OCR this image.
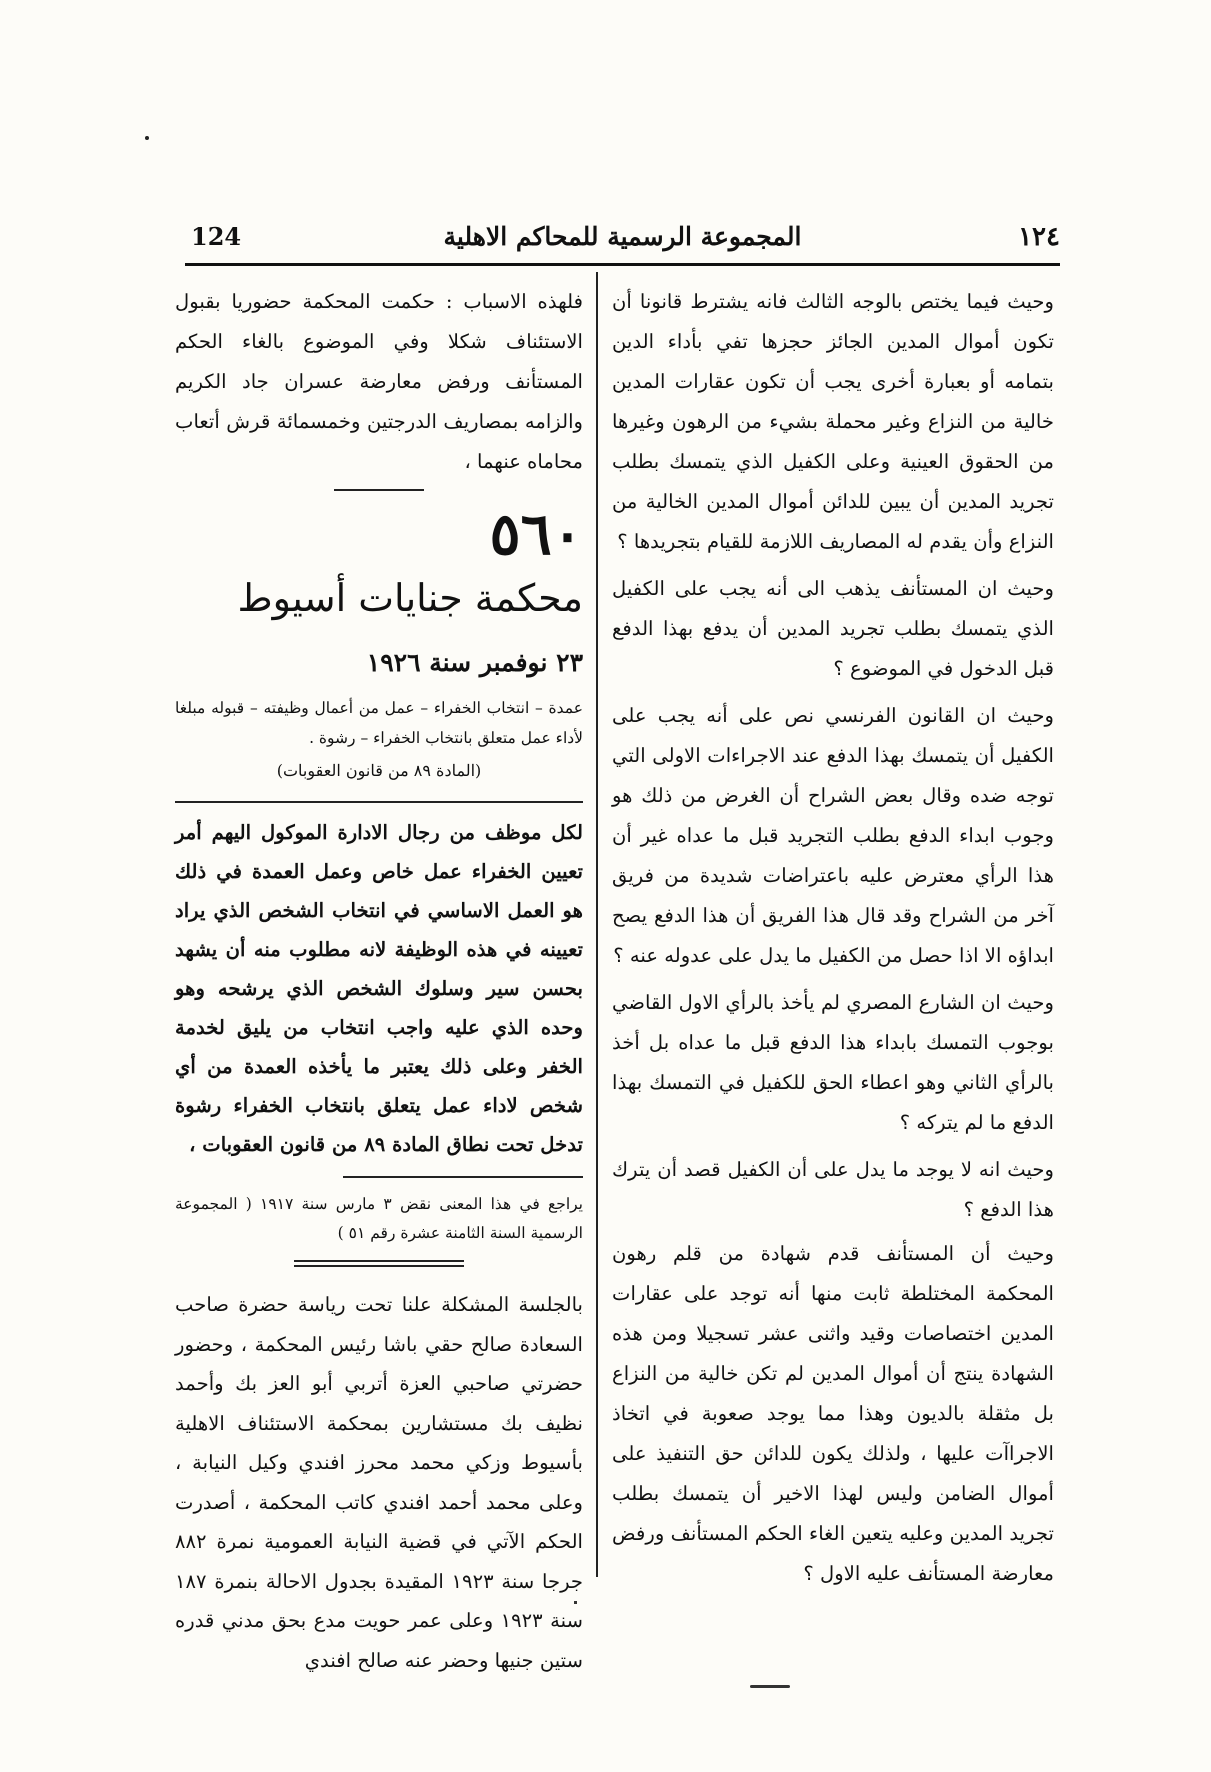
١٢٤
المجموعة الرسمية للمحاكم الاهلية
124

وحيث فيما يختص بالوجه الثالث فانه يشترط قانونا أن تكون أموال المدين الجائز حجزها تفي بأداء الدين بتمامه أو بعبارة أخرى يجب أن تكون عقارات المدين خالية من النزاع وغير محملة بشيء من الرهون وغيرها من الحقوق العينية وعلى الكفيل الذي يتمسك بطلب تجريد المدين أن يبين للدائن أموال المدين الخالية من النزاع وأن يقدم له المصاريف اللازمة للقيام بتجريدها ؟

وحيث ان المستأنف يذهب الى أنه يجب على الكفيل الذي يتمسك بطلب تجريد المدين أن يدفع بهذا الدفع قبل الدخول في الموضوع ؟

وحيث ان القانون الفرنسي نص على أنه يجب على الكفيل أن يتمسك بهذا الدفع عند الاجراءات الاولى التي توجه ضده وقال بعض الشراح أن الغرض من ذلك هو وجوب ابداء الدفع بطلب التجريد قبل ما عداه غير أن هذا الرأي معترض عليه باعتراضات شديدة من فريق آخر من الشراح وقد قال هذا الفريق أن هذا الدفع يصح ابداؤه الا اذا حصل من الكفيل ما يدل على عدوله عنه ؟

وحيث ان الشارع المصري لم يأخذ بالرأي الاول القاضي بوجوب التمسك بابداء هذا الدفع قبل ما عداه بل أخذ بالرأي الثاني وهو اعطاء الحق للكفيل في التمسك بهذا الدفع ما لم يتركه ؟

وحيث انه لا يوجد ما يدل على أن الكفيل قصد أن يترك هذا الدفع ؟

وحيث أن المستأنف قدم شهادة من قلم رهون المحكمة المختلطة ثابت منها أنه توجد على عقارات المدين اختصاصات وقيد واثنى عشر تسجيلا ومن هذه الشهادة ينتج أن أموال المدين لم تكن خالية من النزاع بل مثقلة بالديون وهذا مما يوجد صعوبة في اتخاذ الاجراآت عليها ، ولذلك يكون للدائن حق التنفيذ على أموال الضامن وليس لهذا الاخير أن يتمسك بطلب تجريد المدين وعليه يتعين الغاء الحكم المستأنف ورفض معارضة المستأنف عليه الاول ؟

فلهذه الاسباب : حكمت المحكمة حضوريا بقبول الاستئناف شكلا وفي الموضوع بالغاء الحكم المستأنف ورفض معارضة عسران جاد الكريم والزامه بمصاريف الدرجتين وخمسمائة قرش أتعاب محاماه عنهما ،

٥٦٠
محكمة جنايات أسيوط
٢٣ نوفمبر سنة ١٩٢٦

عمدة – انتخاب الخفراء – عمل من أعمال وظيفته – قبوله مبلغا لأداء عمل متعلق بانتخاب الخفراء – رشوة .

(المادة ٨٩ من قانون العقوبات)

لكل موظف من رجال الادارة الموكول اليهم أمر تعيين الخفراء عمل خاص وعمل العمدة في ذلك هو العمل الاساسي في انتخاب الشخص الذي يراد تعيينه في هذه الوظيفة لانه مطلوب منه أن يشهد بحسن سير وسلوك الشخص الذي يرشحه وهو وحده الذي عليه واجب انتخاب من يليق لخدمة الخفر وعلى ذلك يعتبر ما يأخذه العمدة من أي شخص لاداء عمل يتعلق بانتخاب الخفراء رشوة تدخل تحت نطاق المادة ٨٩ من قانون العقوبات ،

يراجع في هذا المعنى نقض ٣ مارس سنة ١٩١٧ ( المجموعة الرسمية السنة الثامنة عشرة رقم ٥١ )

بالجلسة المشكلة علنا تحت رياسة حضرة صاحب السعادة صالح حقي باشا رئيس المحكمة ، وحضور حضرتي صاحبي العزة أتربي أبو العز بك وأحمد نظيف بك مستشارين بمحكمة الاستئناف الاهلية بأسيوط وزكي محمد محرز افندي وكيل النيابة ، وعلى محمد أحمد افندي كاتب المحكمة ، أصدرت الحكم الآتي في قضية النيابة العمومية نمرة ٨٨٢ جرجا سنة ١٩٢٣ المقيدة بجدول الاحالة بنمرة ١٨٧ سنة ١٩٢٣ وعلى عمر حويت مدع بحق مدني قدره ستين جنيها وحضر عنه صالح افندي
